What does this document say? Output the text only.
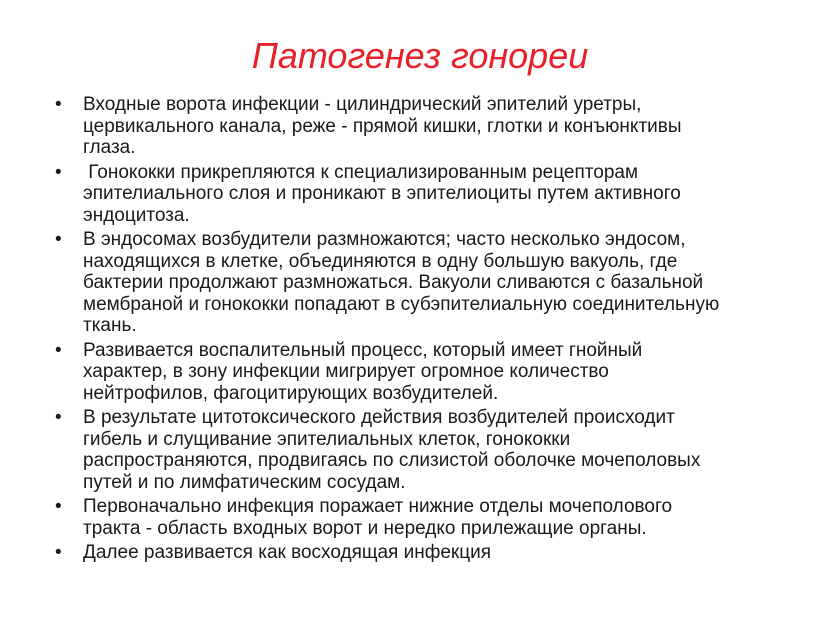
Патогенез гонореи
• Входные ворота инфекции - цилиндрический эпителий уретры,
цервикального канала, реже - прямой кишки, глотки и конъюнктивы
глаза.
• Гонококки прикрепляются к специализированным рецепторам
эпителиального слоя и проникают в эпителиоциты путем активного
эндоцитоза.
• В эндосомах возбудители размножаются; часто несколько эндосом,
находящихся в клетке, объединяются в одну большую вакуоль, где
бактерии продолжают размножаться. Вакуоли сливаются с базальной
мембраной и гонококки попадают в субэпителиальную соединительную
ткань.
• Развивается воспалительный процесс, который имеет гнойный
характер, в зону инфекции мигрирует огромное количество
нейтрофилов, фагоцитирующих возбудителей.
• В результате цитотоксического действия возбудителей происходит
гибель и слущивание эпителиальных клеток, гонококки
распространяются, продвигаясь по слизистой оболочке мочеполовых
путей и по лимфатическим сосудам.
• Первоначально инфекция поражает нижние отделы мочеполового
тракта - область входных ворот и нередко прилежащие органы.
• Далее развивается как восходящая инфекция
